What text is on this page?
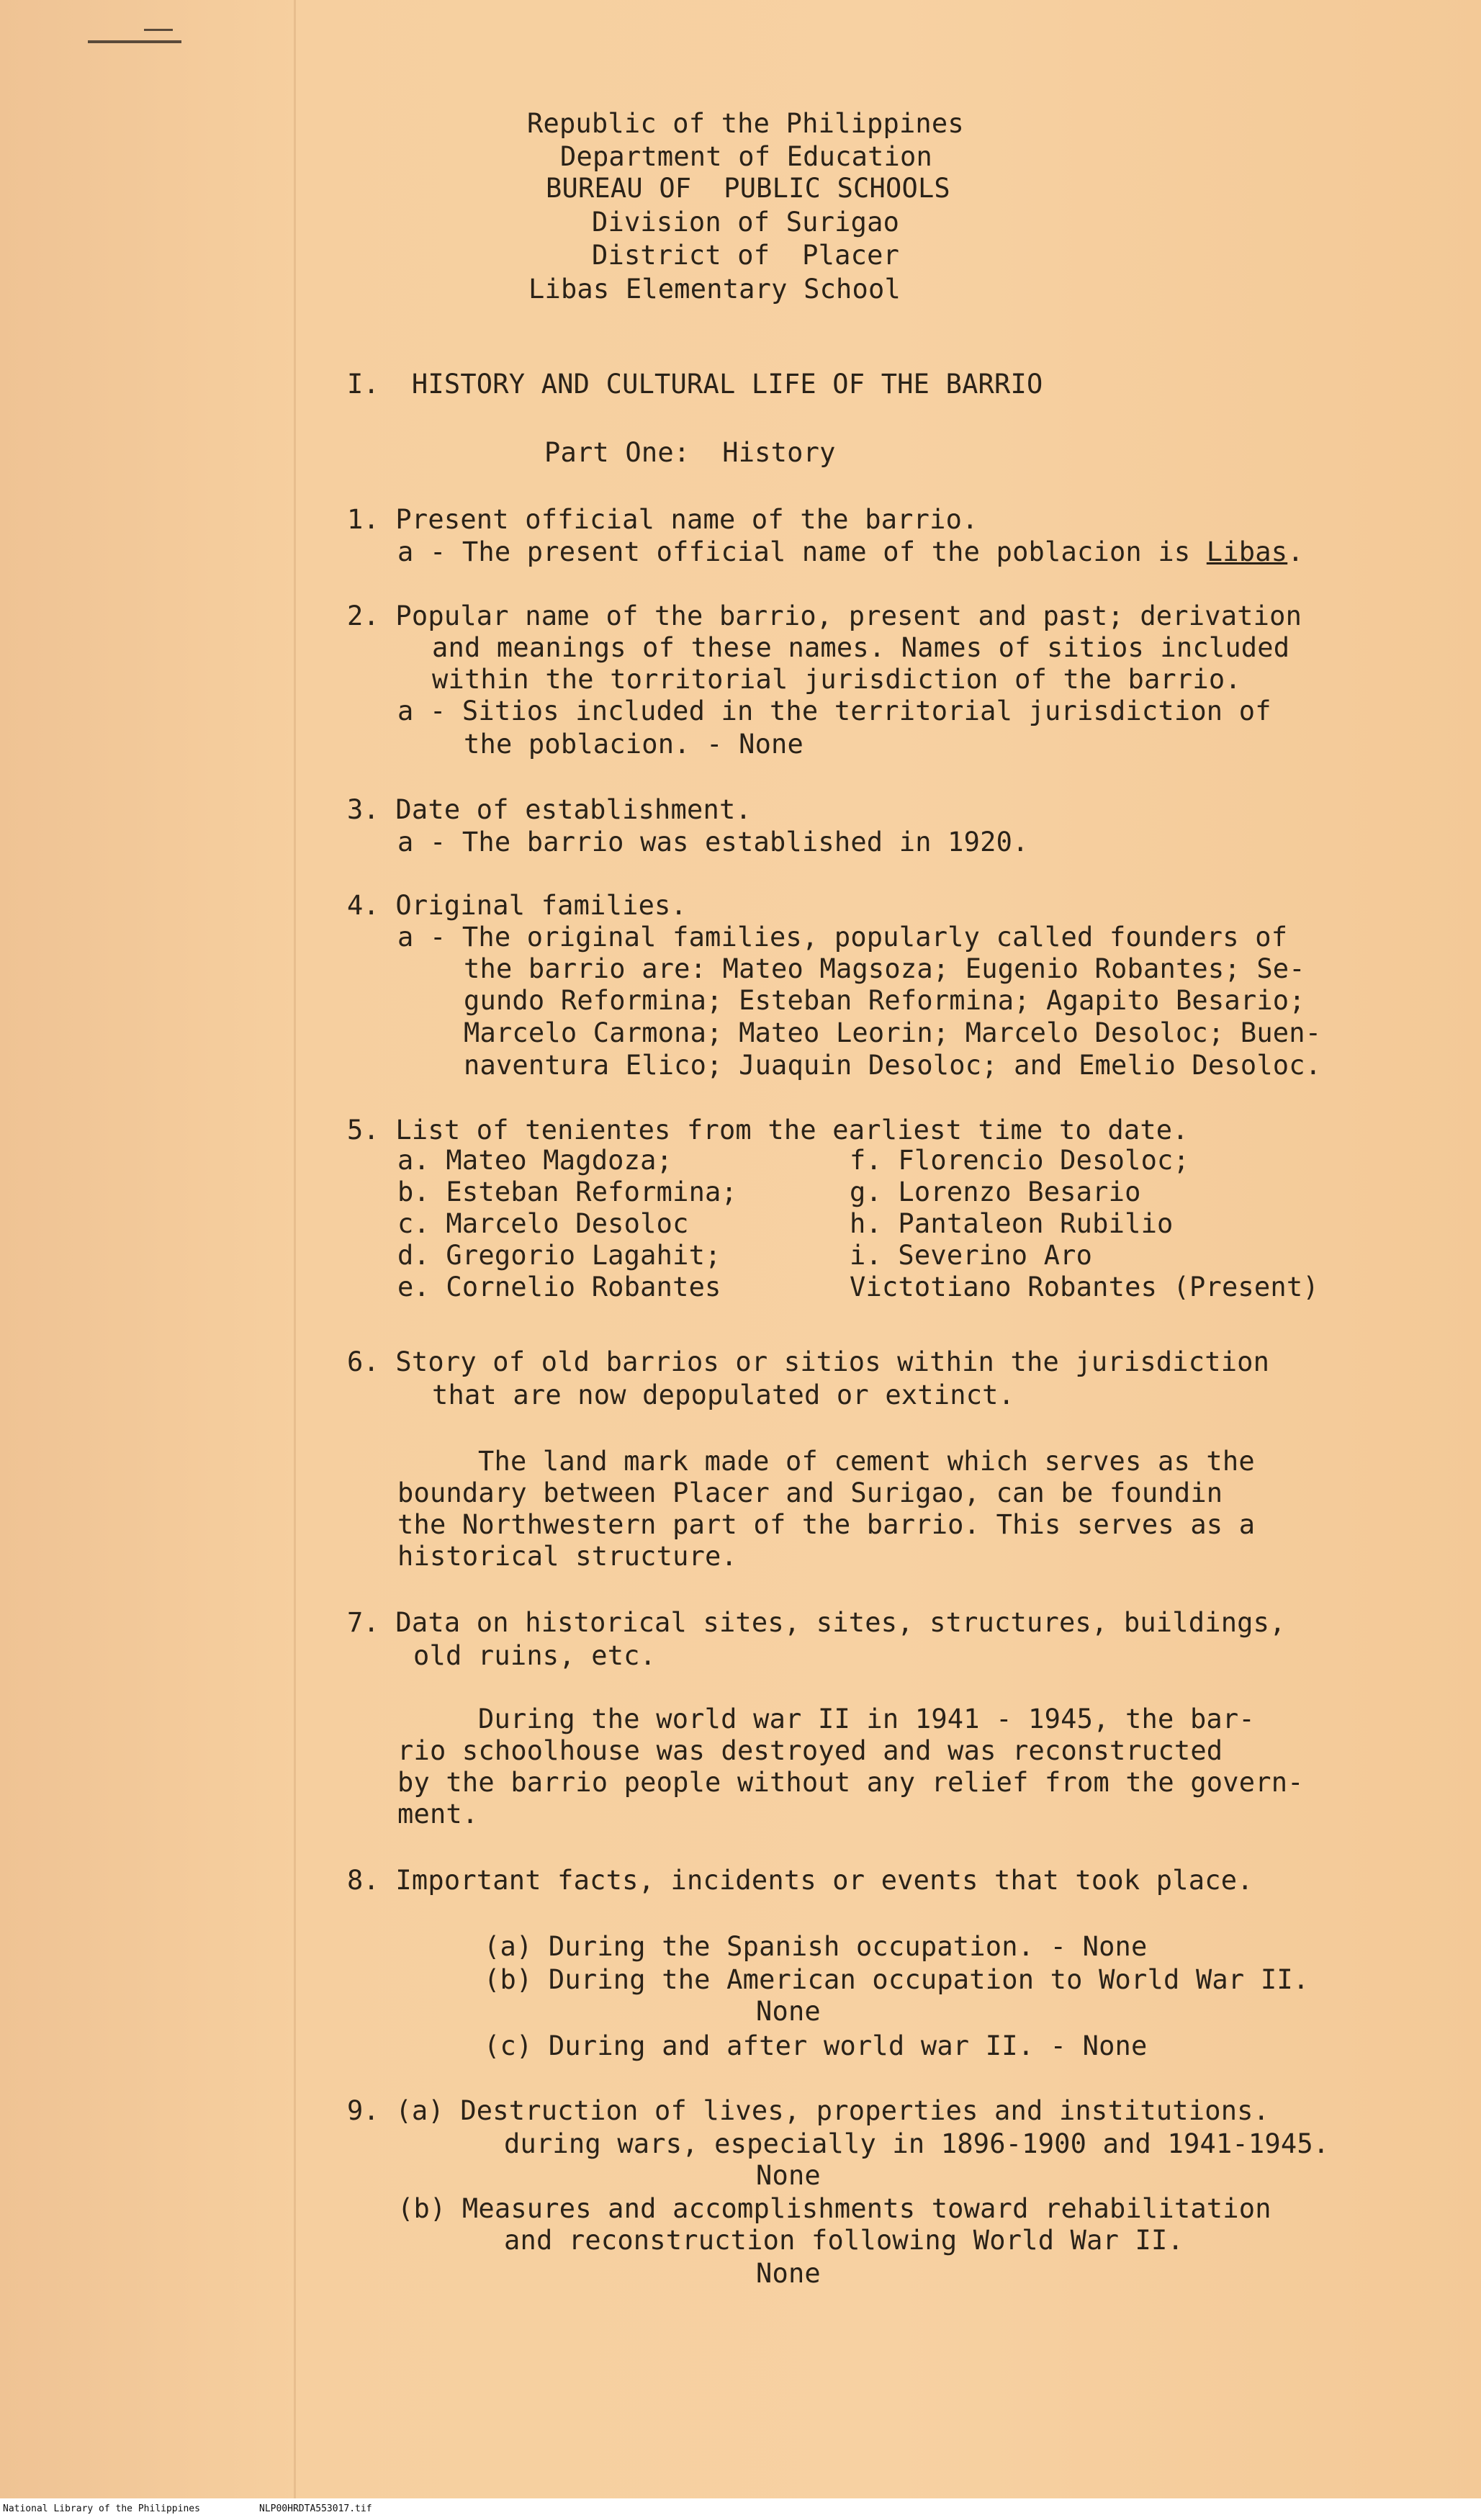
Republic of the Philippines
Department of Education
BUREAU OF  PUBLIC SCHOOLS
Division of Surigao
District of  Placer
Libas Elementary School
I.  HISTORY AND CULTURAL LIFE OF THE BARRIO
Part One:  History
1. Present official name of the barrio.
a - The present official name of the poblacion is Libas.
2. Popular name of the barrio, present and past; derivation
and meanings of these names. Names of sitios included
within the torritorial jurisdiction of the barrio.
a - Sitios included in the territorial jurisdiction of
the poblacion. - None
3. Date of establishment.
a - The barrio was established in 1920.
4. Original families.
a - The original families, popularly called founders of
the barrio are: Mateo Magsoza; Eugenio Robantes; Se-
gundo Reformina; Esteban Reformina; Agapito Besario;
Marcelo Carmona; Mateo Leorin; Marcelo Desoloc; Buen-
naventura Elico; Juaquin Desoloc; and Emelio Desoloc.
5. List of tenientes from the earliest time to date.
a. Mateo Magdoza;
b. Esteban Reformina;
c. Marcelo Desoloc
d. Gregorio Lagahit;
e. Cornelio Robantes
f. Florencio Desoloc;
g. Lorenzo Besario
h. Pantaleon Rubilio
i. Severino Aro
Victotiano Robantes (Present)
6. Story of old barrios or sitios within the jurisdiction
that are now depopulated or extinct.
The land mark made of cement which serves as the
boundary between Placer and Surigao, can be foundin
the Northwestern part of the barrio. This serves as a
historical structure.
7. Data on historical sites, sites, structures, buildings,
old ruins, etc.
During the world war II in 1941 - 1945, the bar-
rio schoolhouse was destroyed and was reconstructed
by the barrio people without any relief from the govern-
ment.
8. Important facts, incidents or events that took place.
(a) During the Spanish occupation. - None
(b) During the American occupation to World War II.
None
(c) During and after world war II. - None
9. (a) Destruction of lives, properties and institutions.
during wars, especially in 1896-1900 and 1941-1945.
None
(b) Measures and accomplishments toward rehabilitation
and reconstruction following World War II.
None
National Library of the Philippines	NLP00HRDTA553017.tif
